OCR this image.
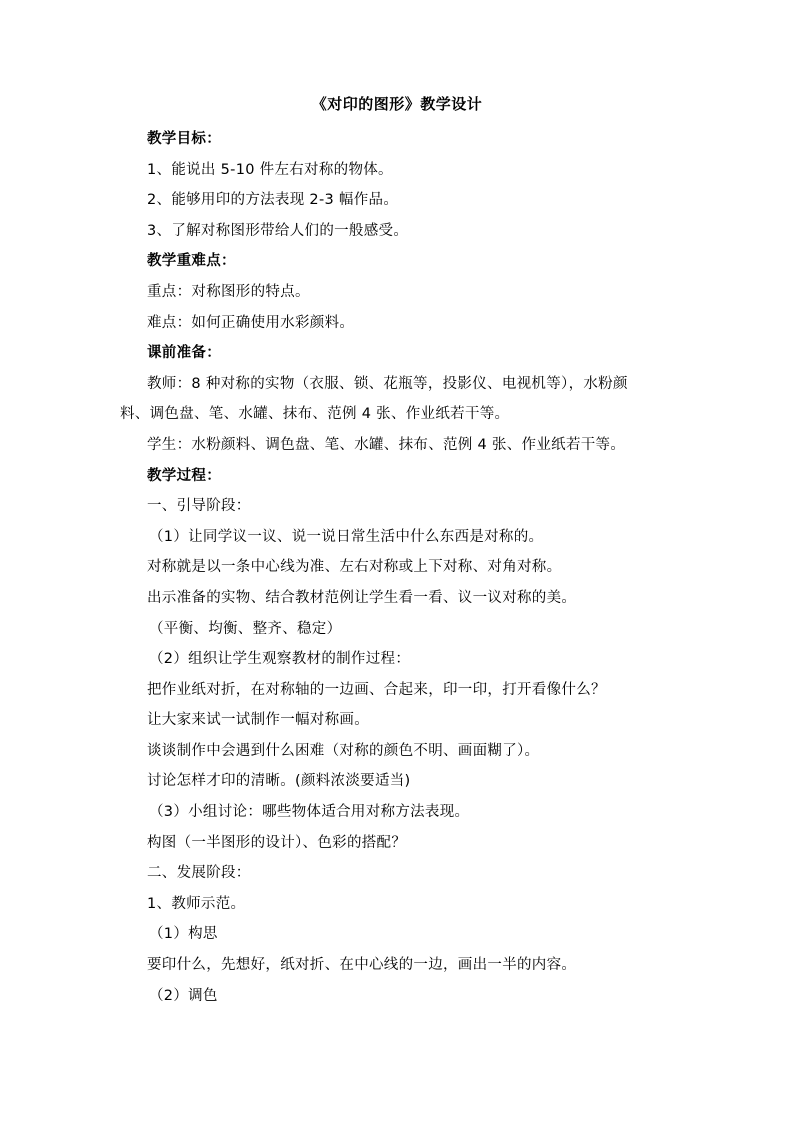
《对印的图形》教学设计
教学目标：
1、能说出 5-10 件左右对称的物体。
2、能够用印的方法表现 2-3 幅作品。
3、了解对称图形带给人们的一般感受。
教学重难点：
重点：对称图形的特点。
难点：如何正确使用水彩颜料。
课前准备：
教师：8 种对称的实物（衣服、锁、花瓶等，投影仪、电视机等），水粉颜
料、调色盘、笔、水罐、抹布、范例 4 张、作业纸若干等。
学生：水粉颜料、调色盘、笔、水罐、抹布、范例 4 张、作业纸若干等。
教学过程：
一、引导阶段：
（1）让同学议一议、说一说日常生活中什么东西是对称的。
对称就是以一条中心线为准、左右对称或上下对称、对角对称。
出示准备的实物、结合教材范例让学生看一看、议一议对称的美。
（平衡、均衡、整齐、稳定）
（2）组织让学生观察教材的制作过程：
把作业纸对折，在对称轴的一边画、合起来，印一印，打开看像什么？
让大家来试一试制作一幅对称画。
谈谈制作中会遇到什么困难（对称的颜色不明、画面糊了）。
讨论怎样才印的清晰。(颜料浓淡要适当)
（3）小组讨论：哪些物体适合用对称方法表现。
构图（一半图形的设计）、色彩的搭配？
二、发展阶段：
1、教师示范。
（1）构思
要印什么，先想好，纸对折、在中心线的一边，画出一半的内容。
（2）调色
